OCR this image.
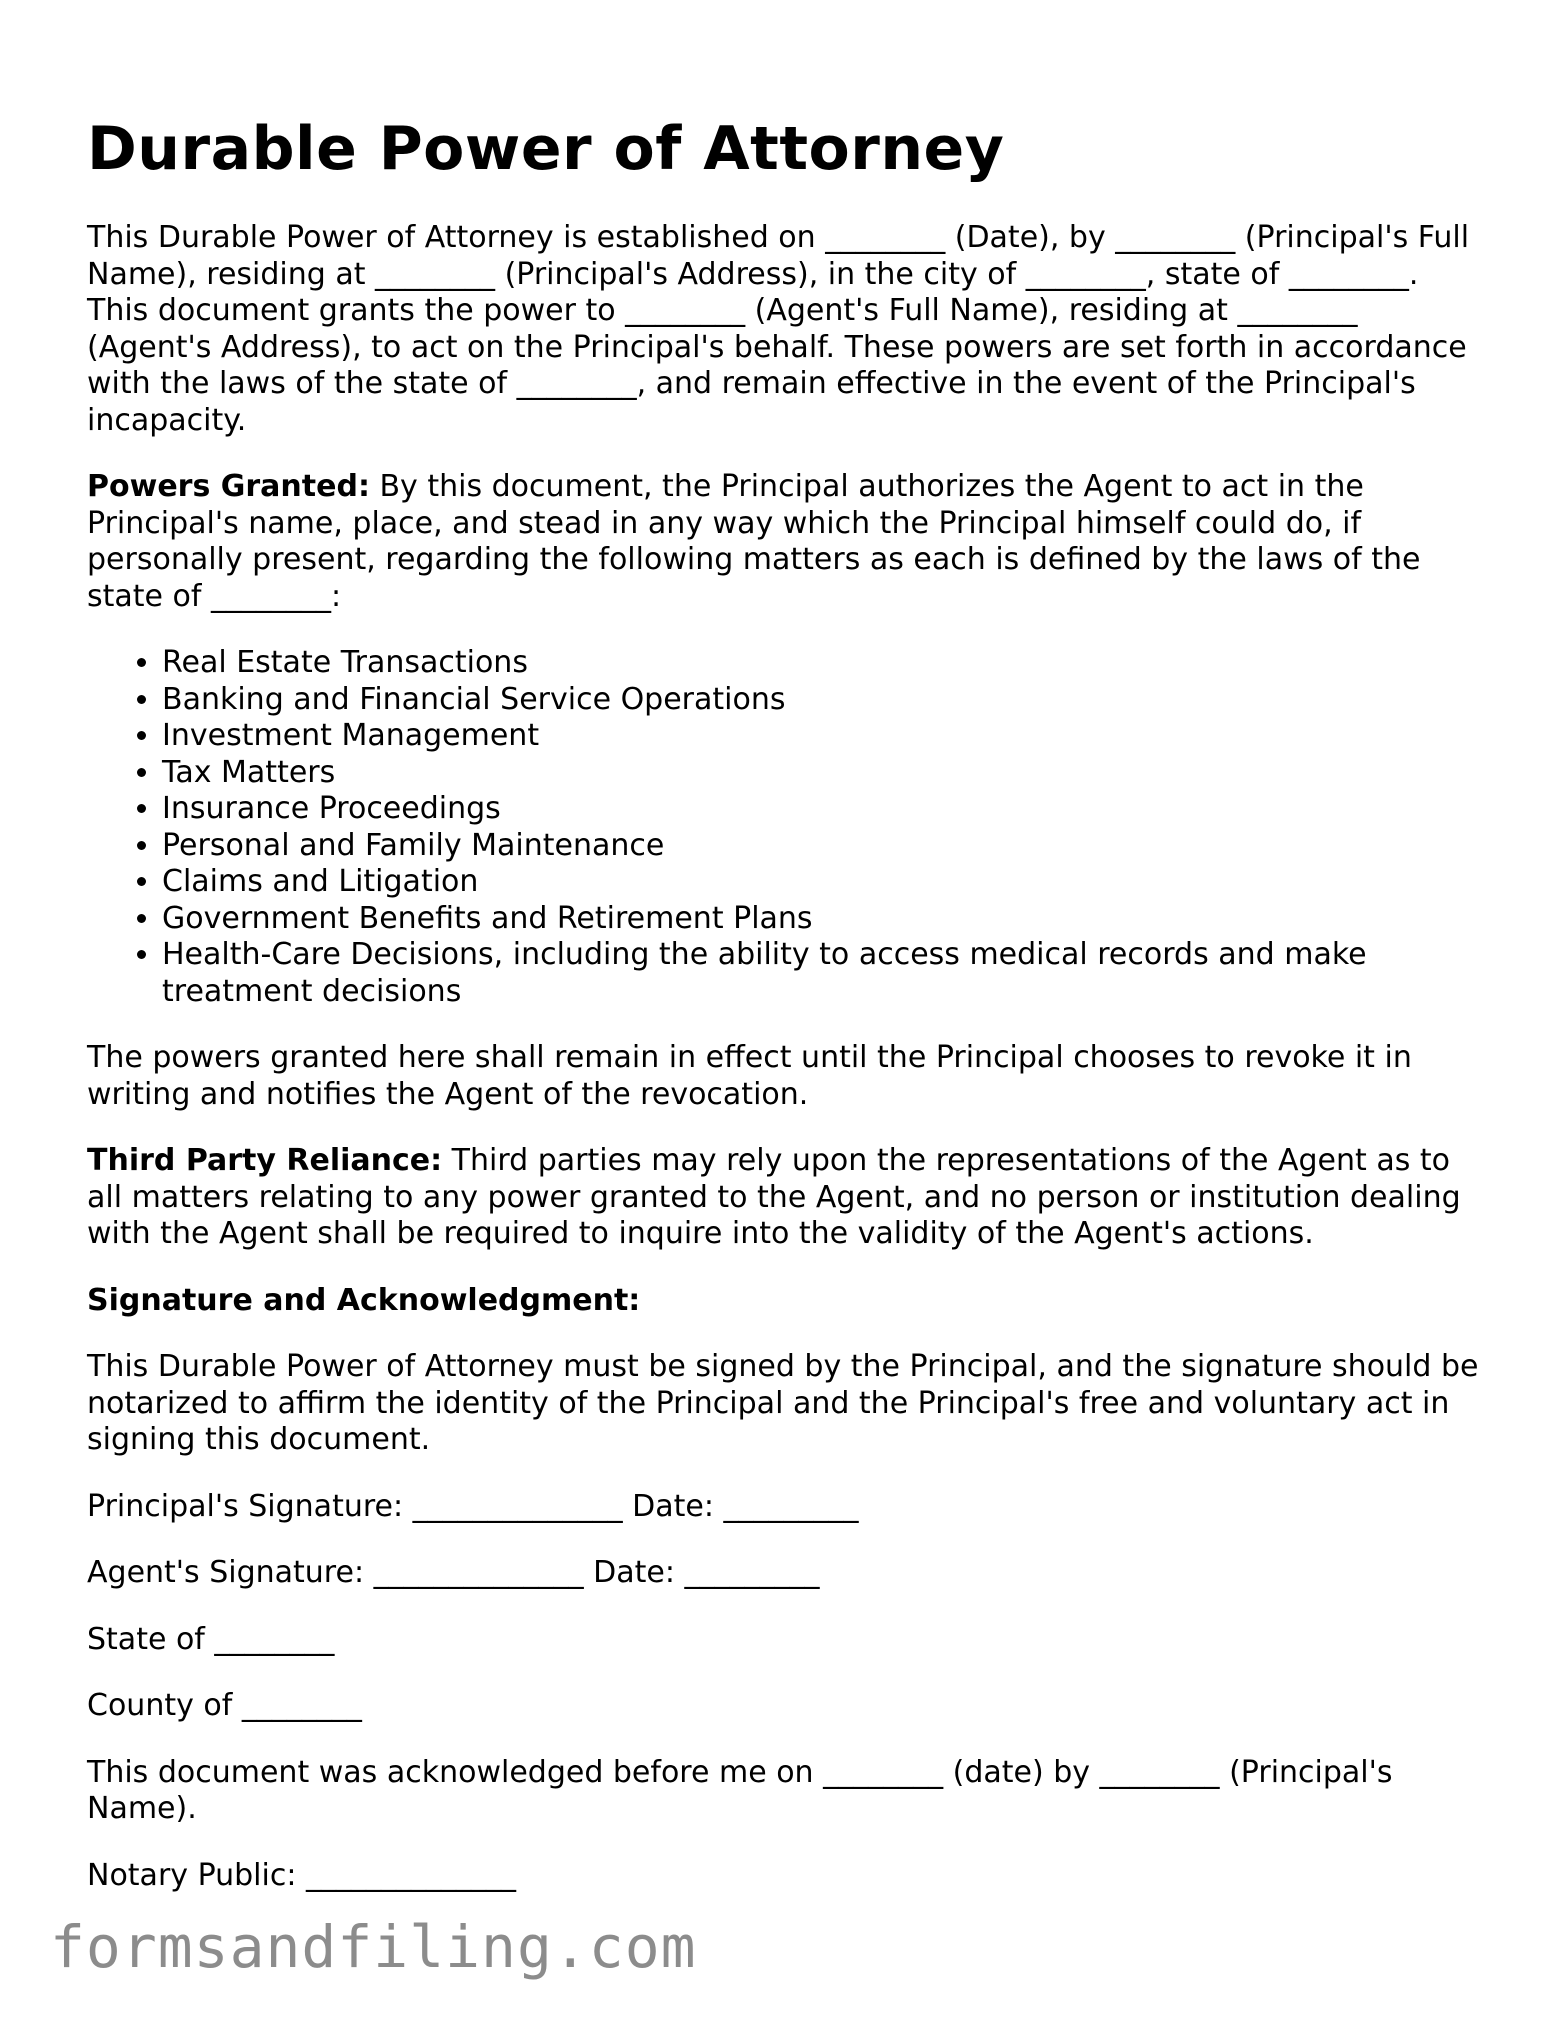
Durable Power of Attorney

This Durable Power of Attorney is established on ________ (Date), by ________ (Principal's Full Name), residing at ________ (Principal's Address), in the city of ________, state of ________. This document grants the power to ________ (Agent's Full Name), residing at ________ (Agent's Address), to act on the Principal's behalf. These powers are set forth in accordance with the laws of the state of ________, and remain effective in the event of the Principal's incapacity.

Powers Granted: By this document, the Principal authorizes the Agent to act in the Principal's name, place, and stead in any way which the Principal himself could do, if personally present, regarding the following matters as each is defined by the laws of the state of ________:

• Real Estate Transactions
• Banking and Financial Service Operations
• Investment Management
• Tax Matters
• Insurance Proceedings
• Personal and Family Maintenance
• Claims and Litigation
• Government Benefits and Retirement Plans
• Health-Care Decisions, including the ability to access medical records and make treatment decisions

The powers granted here shall remain in effect until the Principal chooses to revoke it in writing and notifies the Agent of the revocation.

Third Party Reliance: Third parties may rely upon the representations of the Agent as to all matters relating to any power granted to the Agent, and no person or institution dealing with the Agent shall be required to inquire into the validity of the Agent's actions.

Signature and Acknowledgment:

This Durable Power of Attorney must be signed by the Principal, and the signature should be notarized to affirm the identity of the Principal and the Principal's free and voluntary act in signing this document.

Principal's Signature: ______________ Date: _________

Agent's Signature: ______________ Date: _________

State of ________

County of ________

This document was acknowledged before me on ________ (date) by ________ (Principal's Name).

Notary Public: ______________

formsandfiling.com
